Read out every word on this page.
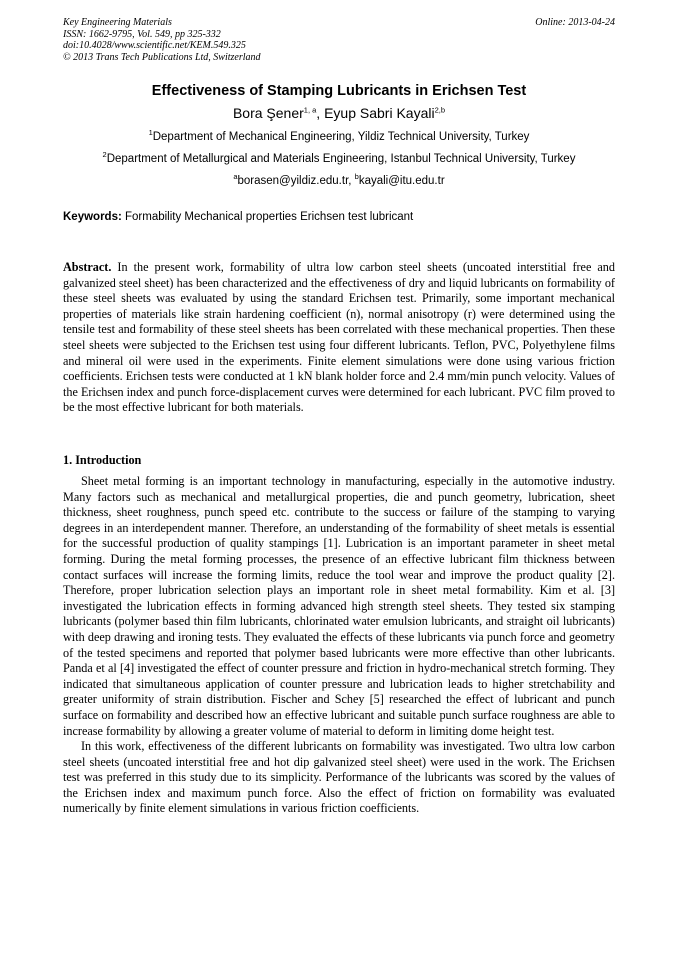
Key Engineering Materials
ISSN: 1662-9795, Vol. 549, pp 325-332
doi:10.4028/www.scientific.net/KEM.549.325
© 2013 Trans Tech Publications Ltd, Switzerland
Online: 2013-04-24
Effectiveness of Stamping Lubricants in Erichsen Test
Bora Şener$^{1, a}$, Eyup Sabri Kayali$^{2,b}$
$^1$Department of Mechanical Engineering, Yildiz Technical University, Turkey
$^2$Department of Metallurgical and Materials Engineering, Istanbul Technical University, Turkey
$^a$borasen@yildiz.edu.tr, $^b$kayali@itu.edu.tr
Keywords: Formability Mechanical properties Erichsen test lubricant

Abstract. In the present work, formability of ultra low carbon steel sheets (uncoated interstitial free and galvanized steel sheet) has been characterized and the effectiveness of dry and liquid lubricants on formability of these steel sheets was evaluated by using the standard Erichsen test. Primarily, some important mechanical properties of materials like strain hardening coefficient (n), normal anisotropy (r) were determined using the tensile test and formability of these steel sheets has been correlated with these mechanical properties. Then these steel sheets were subjected to the Erichsen test using four different lubricants. Teflon, PVC, Polyethylene films and mineral oil were used in the experiments. Finite element simulations were done using various friction coefficients. Erichsen tests were conducted at 1 kN blank holder force and 2.4 mm/min punch velocity. Values of the Erichsen index and punch force-displacement curves were determined for each lubricant. PVC film proved to be the most effective lubricant for both materials.

1. Introduction

Sheet metal forming is an important technology in manufacturing, especially in the automotive industry. Many factors such as mechanical and metallurgical properties, die and punch geometry, lubrication, sheet thickness, sheet roughness, punch speed etc. contribute to the success or failure of the stamping to varying degrees in an interdependent manner. Therefore, an understanding of the formability of sheet metals is essential for the successful production of quality stampings [1]. Lubrication is an important parameter in sheet metal forming. During the metal forming processes, the presence of an effective lubricant film thickness between contact surfaces will increase the forming limits, reduce the tool wear and improve the product quality [2]. Therefore, proper lubrication selection plays an important role in sheet metal formability. Kim et al. [3] investigated the lubrication effects in forming advanced high strength steel sheets. They tested six stamping lubricants (polymer based thin film lubricants, chlorinated water emulsion lubricants, and straight oil lubricants) with deep drawing and ironing tests. They evaluated the effects of these lubricants via punch force and geometry of the tested specimens and reported that polymer based lubricants were more effective than other lubricants. Panda et al [4] investigated the effect of counter pressure and friction in hydro-mechanical stretch forming. They indicated that simultaneous application of counter pressure and lubrication leads to higher stretchability and greater uniformity of strain distribution. Fischer and Schey [5] researched the effect of lubricant and punch surface on formability and described how an effective lubricant and suitable punch surface roughness are able to increase formability by allowing a greater volume of material to deform in limiting dome height test.

In this work, effectiveness of the different lubricants on formability was investigated. Two ultra low carbon steel sheets (uncoated interstitial free and hot dip galvanized steel sheet) were used in the work. The Erichsen test was preferred in this study due to its simplicity. Performance of the lubricants was scored by the values of the Erichsen index and maximum punch force. Also the effect of friction on formability was evaluated numerically by finite element simulations in various friction coefficients.
